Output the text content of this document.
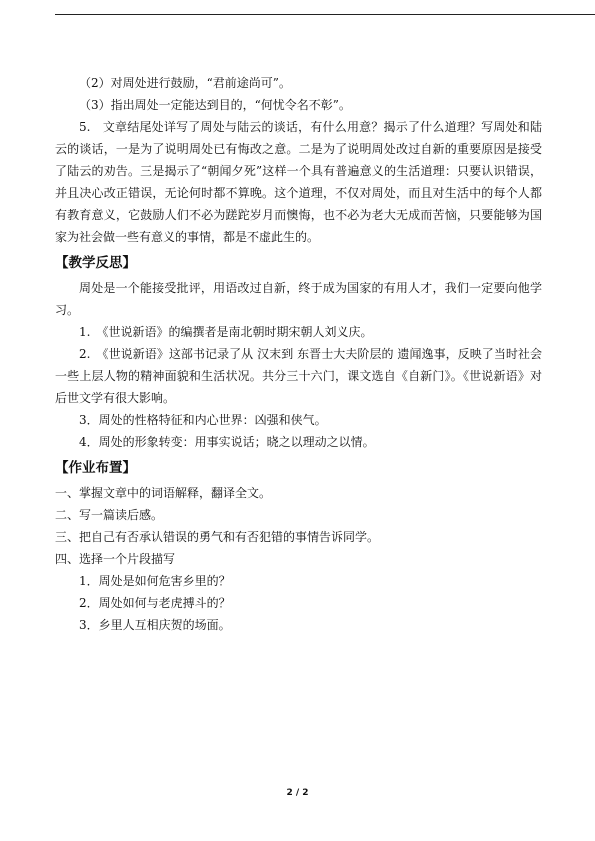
（2）对周处进行鼓励，“君前途尚可”。
（3）指出周处一定能达到目的，“何忧令名不彰”。

5.　文章结尾处详写了周处与陆云的谈话，有什么用意？揭示了什么道理？写周处和陆云的谈话，一是为了说明周处已有悔改之意。二是为了说明周处改过自新的重要原因是接受了陆云的劝告。三是揭示了“朝闻夕死”这样一个具有普遍意义的生活道理：只要认识错误，并且决心改正错误，无论何时都不算晚。这个道理，不仅对周处，而且对生活中的每个人都有教育意义，它鼓励人们不必为蹉跎岁月而懊悔，也不必为老大无成而苦恼，只要能够为国家为社会做一些有意义的事情，都是不虚此生的。

【教学反思】

周处是一个能接受批评，用语改过自新，终于成为国家的有用人才，我们一定要向他学习。

1.　《世说新语》的编撰者是南北朝时期宋朝人刘义庆。

2.　《世说新语》这部书记录了从 汉末到 东晋士大夫阶层的 遗闻逸事，反映了当时社会一些上层人物的精神面貌和生活状况。共分三十六门，课文选自《自新门》。《世说新语》对后世文学有很大影响。

3．周处的性格特征和内心世界：凶强和侠气。

4．周处的形象转变：用事实说话；晓之以理动之以情。

【作业布置】
一、掌握文章中的词语解释，翻译全文。
二、写一篇读后感。
三、把自己有否承认错误的勇气和有否犯错的事情告诉同学。
四、选择一个片段描写
1．周处是如何危害乡里的？
2．周处如何与老虎搏斗的？
3．乡里人互相庆贺的场面。
2 / 2
